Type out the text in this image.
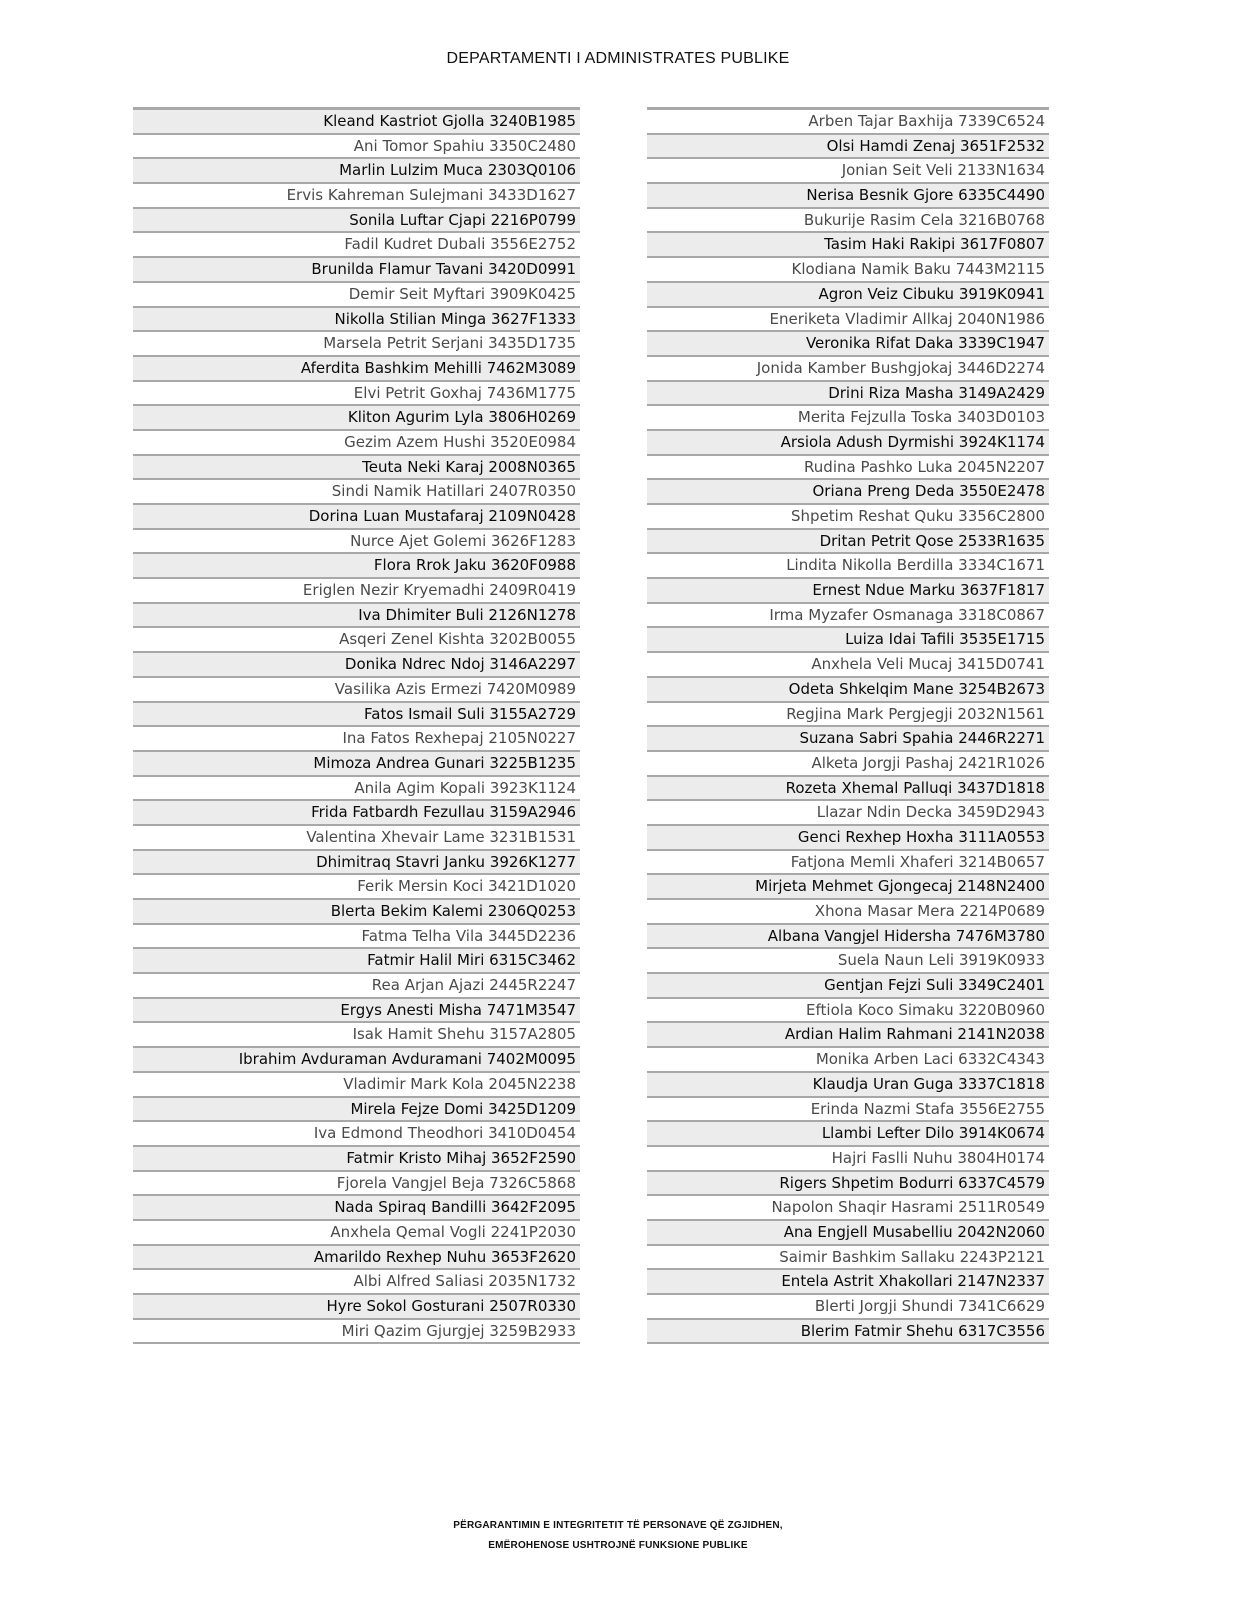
DEPARTAMENTI I ADMINISTRATES PUBLIKE
Kleand Kastriot Gjolla 3240B1985
Ani Tomor Spahiu 3350C2480
Marlin Lulzim Muca 2303Q0106
Ervis Kahreman Sulejmani 3433D1627
Sonila Luftar Cjapi 2216P0799
Fadil Kudret Dubali 3556E2752
Brunilda Flamur Tavani 3420D0991
Demir Seit Myftari 3909K0425
Nikolla Stilian Minga 3627F1333
Marsela Petrit Serjani 3435D1735
Aferdita Bashkim Mehilli 7462M3089
Elvi Petrit Goxhaj 7436M1775
Kliton Agurim Lyla 3806H0269
Gezim Azem Hushi 3520E0984
Teuta Neki Karaj 2008N0365
Sindi Namik Hatillari 2407R0350
Dorina Luan Mustafaraj 2109N0428
Nurce Ajet Golemi 3626F1283
Flora Rrok Jaku 3620F0988
Eriglen Nezir Kryemadhi 2409R0419
Iva Dhimiter Buli 2126N1278
Asqeri Zenel Kishta 3202B0055
Donika Ndrec Ndoj 3146A2297
Vasilika Azis Ermezi 7420M0989
Fatos Ismail Suli 3155A2729
Ina Fatos Rexhepaj 2105N0227
Mimoza Andrea Gunari 3225B1235
Anila Agim Kopali 3923K1124
Frida Fatbardh Fezullau 3159A2946
Valentina Xhevair Lame 3231B1531
Dhimitraq Stavri Janku 3926K1277
Ferik Mersin Koci 3421D1020
Blerta Bekim Kalemi 2306Q0253
Fatma Telha Vila 3445D2236
Fatmir Halil Miri 6315C3462
Rea Arjan Ajazi 2445R2247
Ergys Anesti Misha 7471M3547
Isak Hamit Shehu 3157A2805
Ibrahim Avduraman Avduramani 7402M0095
Vladimir Mark Kola 2045N2238
Mirela Fejze Domi 3425D1209
Iva Edmond Theodhori 3410D0454
Fatmir Kristo Mihaj 3652F2590
Fjorela Vangjel Beja 7326C5868
Nada Spiraq Bandilli 3642F2095
Anxhela Qemal Vogli 2241P2030
Amarildo Rexhep Nuhu 3653F2620
Albi Alfred Saliasi 2035N1732
Hyre Sokol Gosturani 2507R0330
Miri Qazim Gjurgjej 3259B2933
Arben Tajar Baxhija 7339C6524
Olsi Hamdi Zenaj 3651F2532
Jonian Seit Veli 2133N1634
Nerisa Besnik Gjore 6335C4490
Bukurije Rasim Cela 3216B0768
Tasim Haki Rakipi 3617F0807
Klodiana Namik Baku 7443M2115
Agron Veiz Cibuku 3919K0941
Eneriketa Vladimir Allkaj 2040N1986
Veronika Rifat Daka 3339C1947
Jonida Kamber Bushgjokaj 3446D2274
Drini Riza Masha 3149A2429
Merita Fejzulla Toska 3403D0103
Arsiola Adush Dyrmishi 3924K1174
Rudina Pashko Luka 2045N2207
Oriana Preng Deda 3550E2478
Shpetim Reshat Quku 3356C2800
Dritan Petrit Qose 2533R1635
Lindita Nikolla Berdilla 3334C1671
Ernest Ndue Marku 3637F1817
Irma Myzafer Osmanaga 3318C0867
Luiza Idai Tafili 3535E1715
Anxhela Veli Mucaj 3415D0741
Odeta Shkelqim Mane 3254B2673
Regjina Mark Pergjegji 2032N1561
Suzana Sabri Spahia 2446R2271
Alketa Jorgji Pashaj 2421R1026
Rozeta Xhemal Palluqi 3437D1818
Llazar Ndin Decka 3459D2943
Genci Rexhep Hoxha 3111A0553
Fatjona Memli Xhaferi 3214B0657
Mirjeta Mehmet Gjongecaj 2148N2400
Xhona Masar Mera 2214P0689
Albana Vangjel Hidersha 7476M3780
Suela Naun Leli 3919K0933
Gentjan Fejzi Suli 3349C2401
Eftiola Koco Simaku 3220B0960
Ardian Halim Rahmani 2141N2038
Monika Arben Laci 6332C4343
Klaudja Uran Guga 3337C1818
Erinda Nazmi Stafa 3556E2755
Llambi Lefter Dilo 3914K0674
Hajri Faslli Nuhu 3804H0174
Rigers Shpetim Bodurri 6337C4579
Napolon Shaqir Hasrami 2511R0549
Ana Engjell Musabelliu 2042N2060
Saimir Bashkim Sallaku 2243P2121
Entela Astrit Xhakollari 2147N2337
Blerti Jorgji Shundi 7341C6629
Blerim Fatmir Shehu 6317C3556
PËRGARANTIMIN E INTEGRITETIT TË PERSONAVE QË ZGJIDHEN,
EMËROHENOSE USHTROJNË FUNKSIONE PUBLIKE
